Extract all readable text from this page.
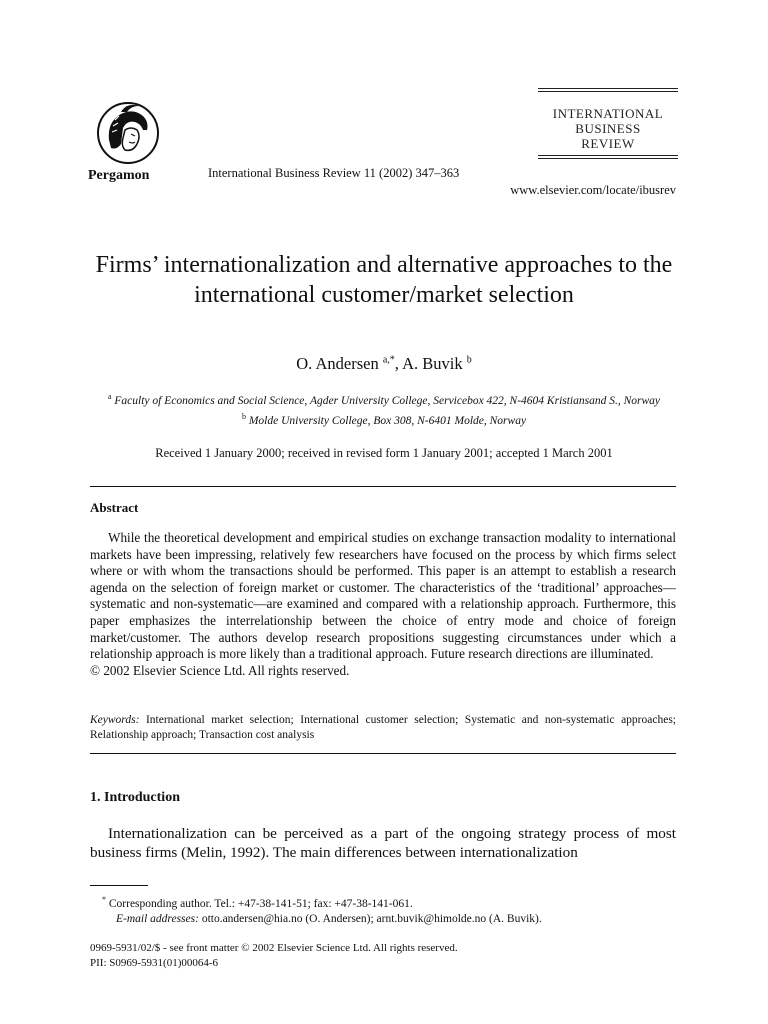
Pergamon	International Business Review 11 (2002) 347–363
INTERNATIONAL
BUSINESS
REVIEW
www.elsevier.com/locate/ibusrev
Firms’ internationalization and alternative approaches to the international customer/market selection
O. Andersen $^{a,*}$, A. Buvik $^b$
$^a$ Faculty of Economics and Social Science, Agder University College, Servicebox 422, N-4604 Kristiansand S., Norway
$^b$ Molde University College, Box 308, N-6401 Molde, Norway
Received 1 January 2000; received in revised form 1 January 2001; accepted 1 March 2001
Abstract
While the theoretical development and empirical studies on exchange transaction modality to international markets have been impressing, relatively few researchers have focused on the process by which firms select where or with whom the transactions should be performed. This paper is an attempt to establish a research agenda on the selection of foreign market or customer. The characteristics of the ‘traditional’ approaches—systematic and non-systematic—are examined and compared with a relationship approach. Furthermore, this paper emphasizes the interrelationship between the choice of entry mode and choice of foreign market/customer. The authors develop research propositions suggesting circumstances under which a relationship approach is more likely than a traditional approach. Future research directions are illuminated.
© 2002 Elsevier Science Ltd. All rights reserved.
Keywords: International market selection; International customer selection; Systematic and non-systematic approaches; Relationship approach; Transaction cost analysis
1. Introduction
Internationalization can be perceived as a part of the ongoing strategy process of most business firms (Melin, 1992). The main differences between internationalization
* Corresponding author. Tel.: +47-38-141-51; fax: +47-38-141-061.
E-mail addresses: otto.andersen@hia.no (O. Andersen); arnt.buvik@himolde.no (A. Buvik).
0969-5931/02/$ - see front matter © 2002 Elsevier Science Ltd. All rights reserved.
PII: S0969-5931(01)00064-6
